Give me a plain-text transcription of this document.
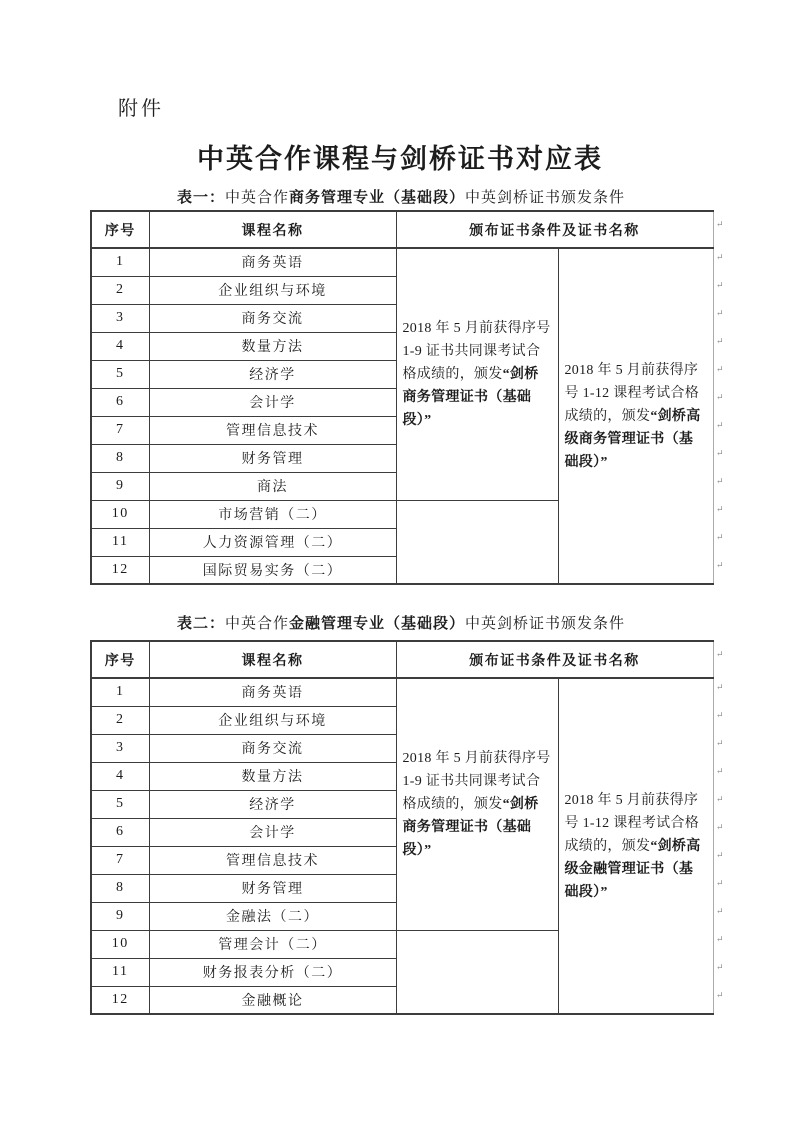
附件
中英合作课程与剑桥证书对应表
表一：中英合作商务管理专业（基础段）中英剑桥证书颁发条件
序号	课程名称	颁布证书条件及证书名称	
1	商务英语	2018 年 5 月前获得序号 1-9 证书共同课考试合格成绩的，颁发“剑桥商务管理证书（基础段）”	2018 年 5 月前获得序号 1-12 课程考试合格成绩的，颁发“剑桥高级商务管理证书（基础段）”
2	企业组织与环境		
3	商务交流		
4	数量方法		
5	经济学		
6	会计学		
7	管理信息技术		
8	财务管理		
9	商法		
10	市场营销（二）		
11	人力资源管理（二）		
12	国际贸易实务（二）		
↵
↵
↵
↵
↵
↵
↵
↵
↵
↵
↵
↵
↵
表二：中英合作金融管理专业（基础段）中英剑桥证书颁发条件
序号	课程名称	颁布证书条件及证书名称	
1	商务英语	2018 年 5 月前获得序号 1-9 证书共同课考试合格成绩的，颁发“剑桥商务管理证书（基础段）”	2018 年 5 月前获得序号 1-12 课程考试合格成绩的，颁发“剑桥高级金融管理证书（基础段）”
2	企业组织与环境		
3	商务交流		
4	数量方法		
5	经济学		
6	会计学		
7	管理信息技术		
8	财务管理		
9	金融法（二）		
10	管理会计（二）		
11	财务报表分析（二）		
12	金融概论		
↵
↵
↵
↵
↵
↵
↵
↵
↵
↵
↵
↵
↵
